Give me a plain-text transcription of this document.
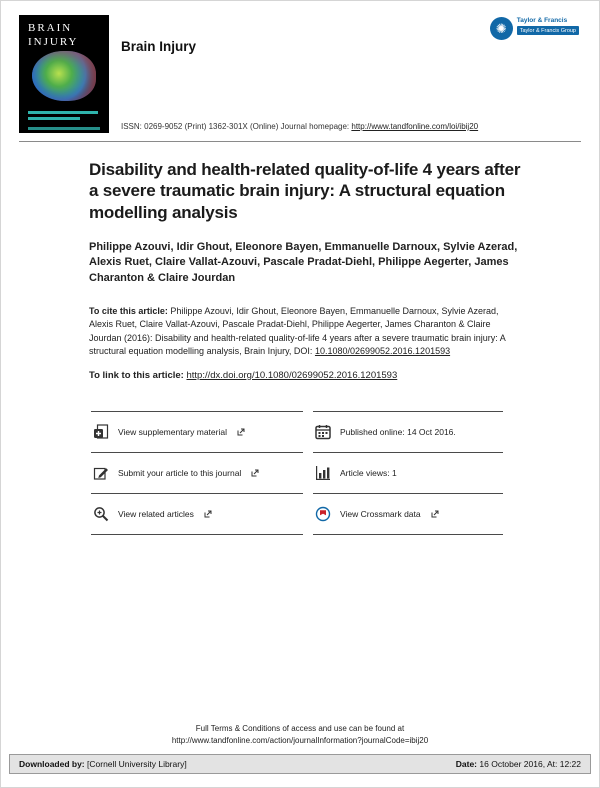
BRAIN
INJURY	Brain Injury
✺
Taylor & Francis
Taylor & Francis Group
ISSN: 0269-9052 (Print) 1362-301X (Online) Journal homepage: http://www.tandfonline.com/loi/ibij20
Disability and health-related quality-of-life 4 years after a severe traumatic brain injury: A structural equation modelling analysis
Philippe Azouvi, Idir Ghout, Eleonore Bayen, Emmanuelle Darnoux, Sylvie Azerad, Alexis Ruet, Claire Vallat-Azouvi, Pascale Pradat-Diehl, Philippe Aegerter, James Charanton & Claire Jourdan

To cite this article: Philippe Azouvi, Idir Ghout, Eleonore Bayen, Emmanuelle Darnoux, Sylvie Azerad, Alexis Ruet, Claire Vallat-Azouvi, Pascale Pradat-Diehl, Philippe Aegerter, James Charanton & Claire Jourdan (2016): Disability and health-related quality-of-life 4 years after a severe traumatic brain injury: A structural equation modelling analysis, Brain Injury, DOI: 10.1080/02699052.2016.1201593

To link to this article: http://dx.doi.org/10.1080/02699052.2016.1201593
View supplementary material	Published online: 14 Oct 2016.
Submit your article to this journal	Article views: 1
View related articles	View Crossmark data
Full Terms & Conditions of access and use can be found at
http://www.tandfonline.com/action/journalInformation?journalCode=ibij20
Downloaded by: [Cornell University Library]	Date: 16 October 2016, At: 12:22
